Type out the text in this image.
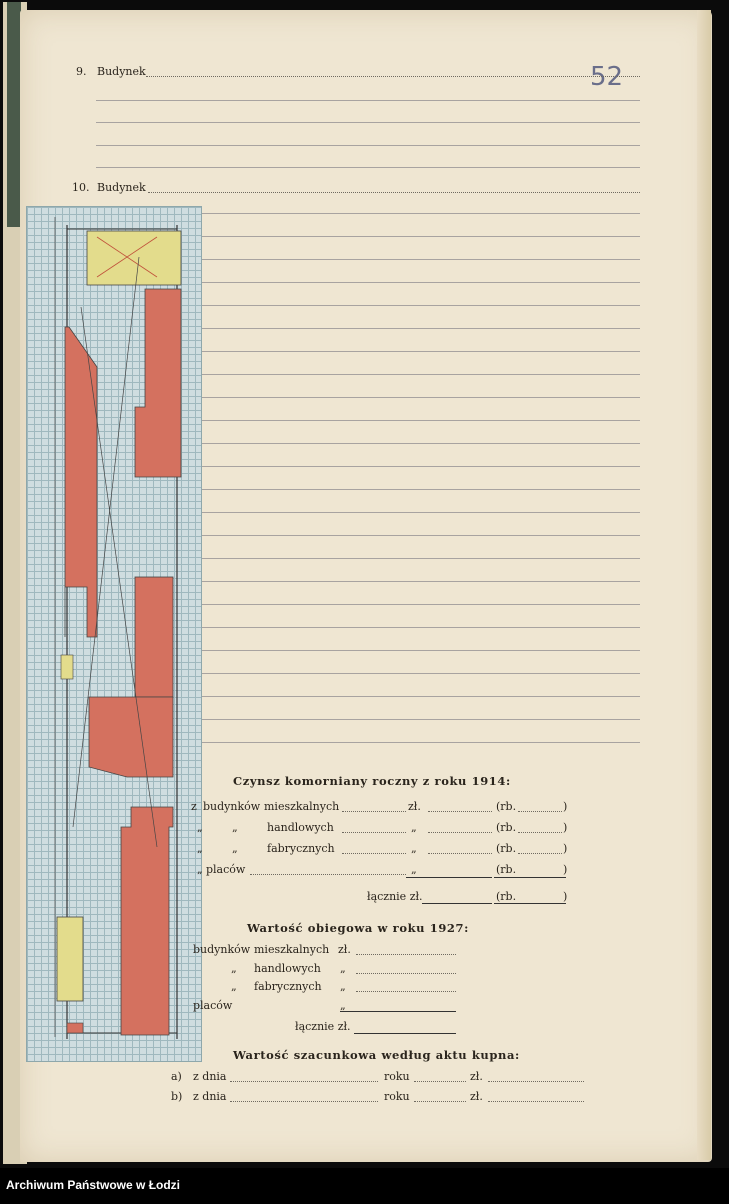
52
9. Budynek
10. Budynek
Czynsz komorniany roczny z roku 1914:
z budynków mieszkalnych	zł.	(rb.	)
„	„	handlowych	„	(rb.	)
„	„	fabrycznych	„	(rb.	)
„ placów	„	(rb.	)
łącznie zł.	(rb.	)
Wartość obiegowa w roku 1927:
budynków mieszkalnych zł.
„ handlowych „
„ fabrycznych „
placów	„
łącznie zł.
Wartość szacunkowa według aktu kupna:
a) z dnia	roku	zł.
b) z dnia	roku	zł.
Archiwum Państwowe w Łodzi
